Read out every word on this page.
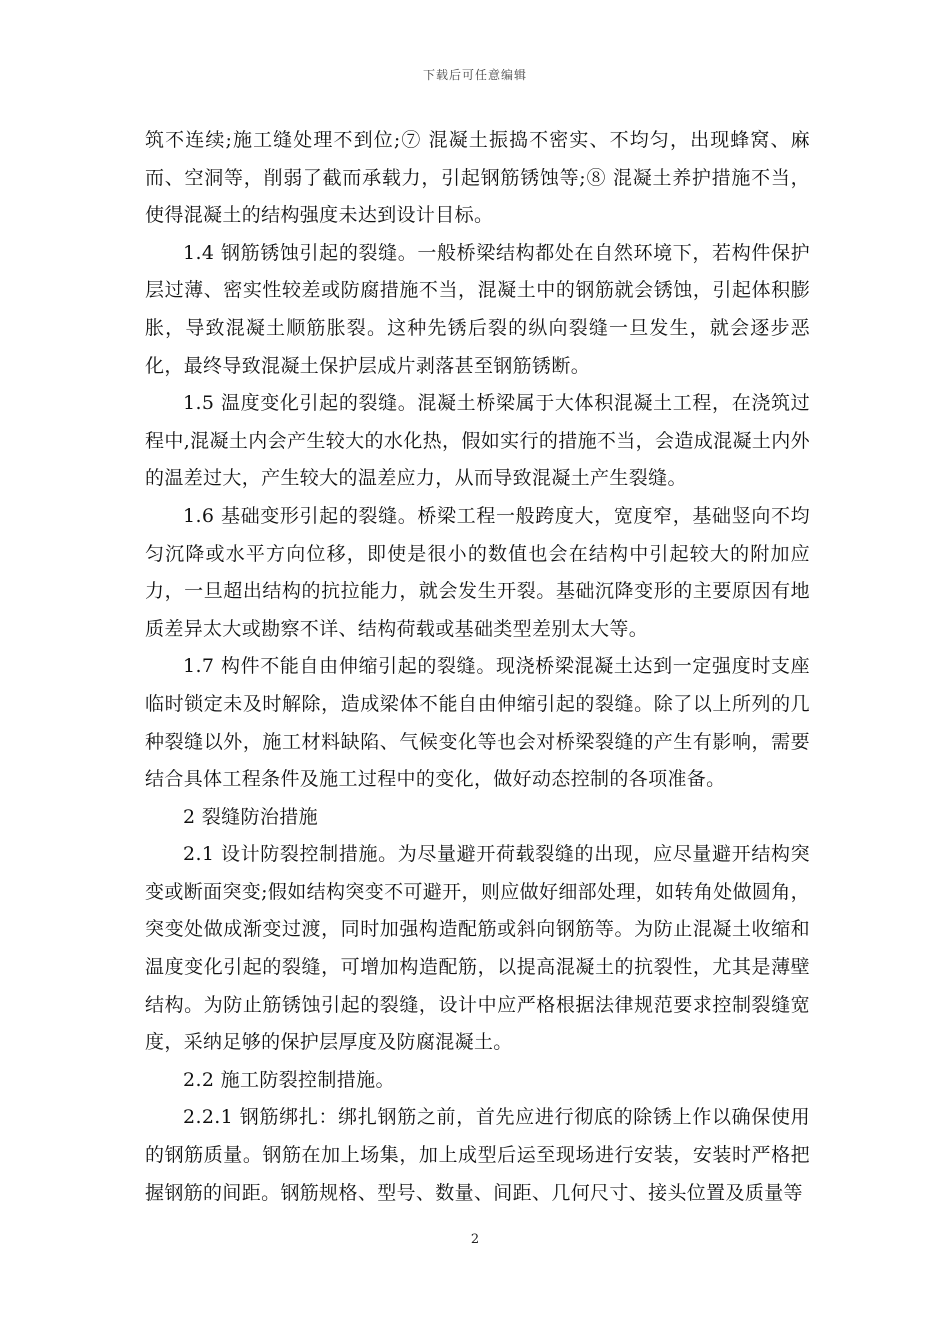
下载后可任意编辑

筑不连续;施工缝处理不到位;⑦ 混凝土振捣不密实、不均匀，出现蜂窝、麻而、空洞等，削弱了截而承载力，引起钢筋锈蚀等;⑧ 混凝土养护措施不当，使得混凝土的结构强度未达到设计目标。

1.4 钢筋锈蚀引起的裂缝。一般桥梁结构都处在自然环境下，若构件保护层过薄、密实性较差或防腐措施不当，混凝土中的钢筋就会锈蚀，引起体积膨胀，导致混凝土顺筋胀裂。这种先锈后裂的纵向裂缝一旦发生，就会逐步恶化，最终导致混凝土保护层成片剥落甚至钢筋锈断。

1.5 温度变化引起的裂缝。混凝土桥梁属于大体积混凝土工程，在浇筑过程中,混凝土内会产生较大的水化热，假如实行的措施不当，会造成混凝土内外的温差过大，产生较大的温差应力，从而导致混凝土产生裂缝。

1.6 基础变形引起的裂缝。桥梁工程一般跨度大，宽度窄，基础竖向不均匀沉降或水平方向位移，即使是很小的数值也会在结构中引起较大的附加应力，一旦超出结构的抗拉能力，就会发生开裂。基础沉降变形的主要原因有地质差异太大或勘察不详、结构荷载或基础类型差别太大等。

1.7 构件不能自由伸缩引起的裂缝。现浇桥梁混凝土达到一定强度时支座临时锁定未及时解除，造成梁体不能自由伸缩引起的裂缝。除了以上所列的几种裂缝以外，施工材料缺陷、气候变化等也会对桥梁裂缝的产生有影响，需要结合具体工程条件及施工过程中的变化，做好动态控制的各项准备。

2 裂缝防治措施

2.1 设计防裂控制措施。为尽量避开荷载裂缝的出现，应尽量避开结构突变或断面突变;假如结构突变不可避开，则应做好细部处理，如转角处做圆角，突变处做成渐变过渡，同时加强构造配筋或斜向钢筋等。为防止混凝土收缩和温度变化引起的裂缝，可增加构造配筋，以提高混凝土的抗裂性，尤其是薄壁结构。为防止筋锈蚀引起的裂缝，设计中应严格根据法律规范要求控制裂缝宽度，采纳足够的保护层厚度及防腐混凝土。

2.2 施工防裂控制措施。

2.2.1 钢筋绑扎：绑扎钢筋之前，首先应进行彻底的除锈上作以确保使用的钢筋质量。钢筋在加上场集，加上成型后运至现场进行安装，安装时严格把握钢筋的间距。钢筋规格、型号、数量、间距、几何尺寸、接头位置及质量等

2
